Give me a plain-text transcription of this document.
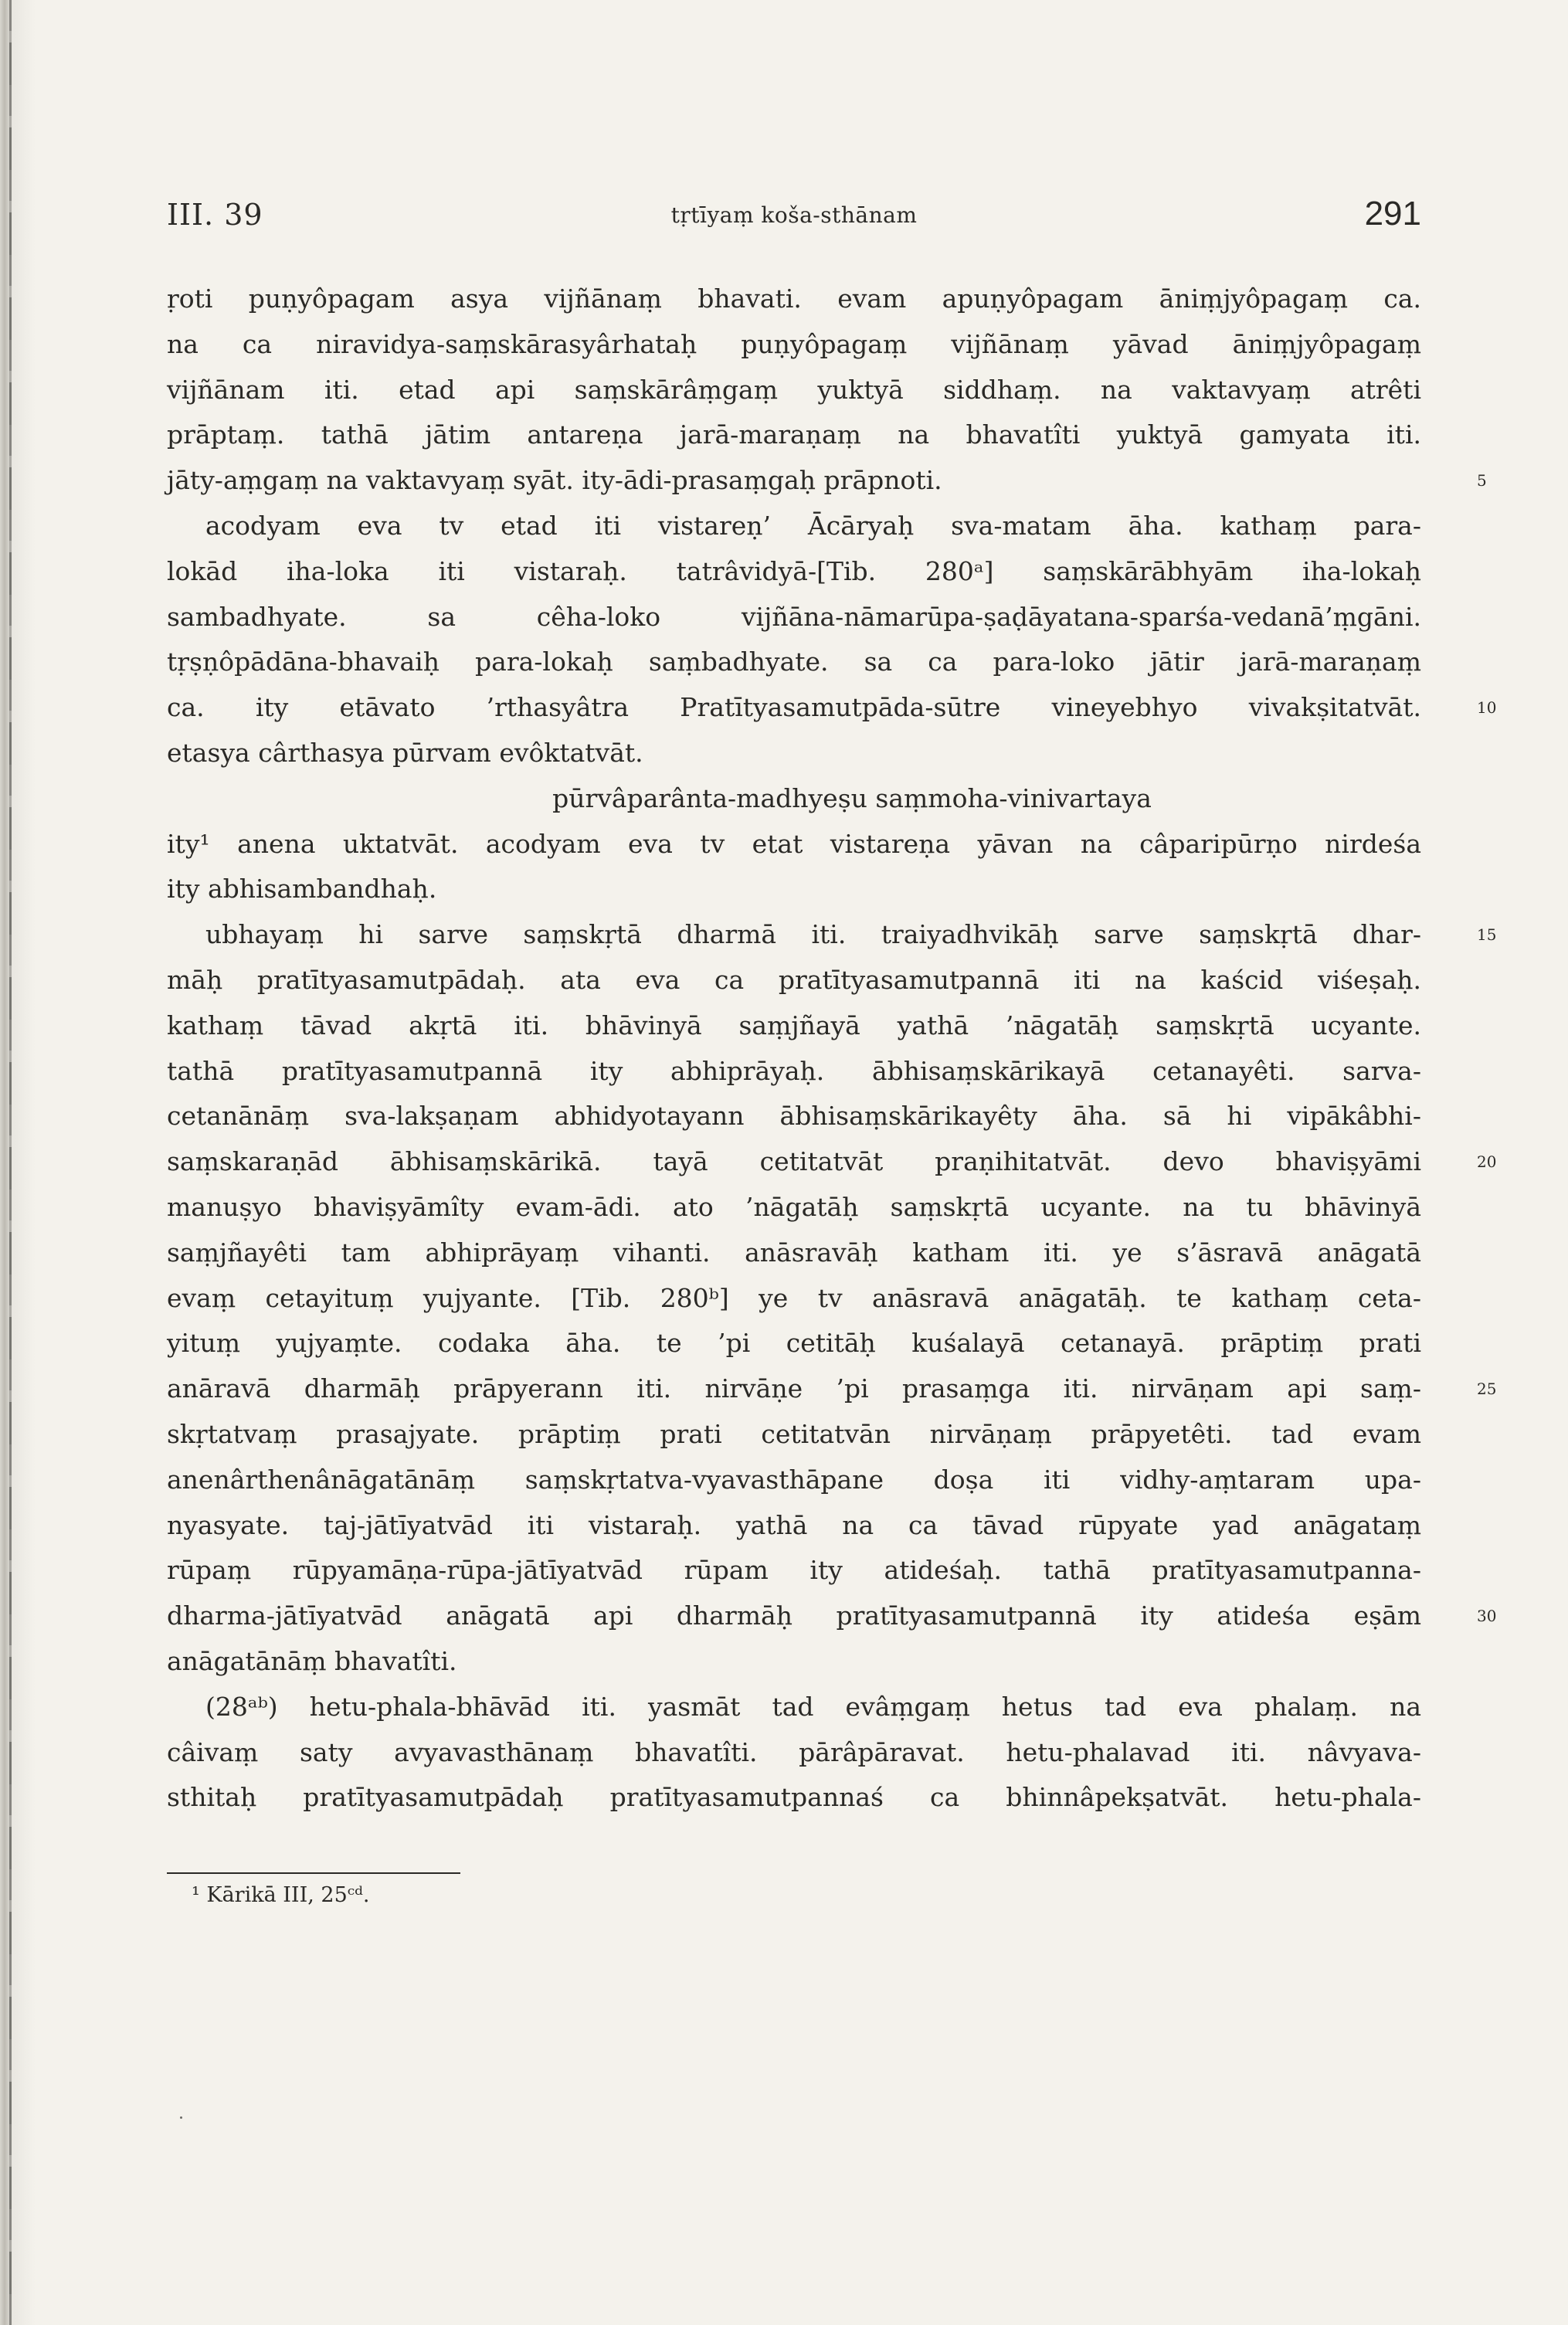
III. 39	tṛtīyaṃ koša-sthānam	291
ṛoti puṇyôpagam asya vijñānaṃ bhavati. evam apuṇyôpagam āniṃjyôpagaṃ ca.
na ca niravidya-saṃskārasyârhataḥ puṇyôpagaṃ vijñānaṃ yāvad āniṃjyôpagaṃ
vijñānam iti. etad api saṃskārâṃgaṃ yuktyā siddhaṃ. na vaktavyaṃ atrêti
prāptaṃ. tathā jātim antareṇa jarā-maraṇaṃ na bhavatîti yuktyā gamyata iti.
jāty-aṃgaṃ na vaktavyaṃ syāt. ity-ādi-prasaṃgaḥ prāpnoti.	5
acodyam eva tv etad iti vistareṇ’ Ācāryaḥ sva-matam āha. kathaṃ para-
lokād iha-loka iti vistaraḥ. tatrâvidyā-[Tib. 280ᵃ] saṃskārābhyām iha-lokaḥ
sambadhyate. sa cêha-loko vijñāna-nāmarūpa-ṣaḍāyatana-sparśa-vedanā’ṃgāni.
tṛṣṇôpādāna-bhavaiḥ para-lokaḥ saṃbadhyate. sa ca para-loko jātir jarā-maraṇaṃ
ca. ity etāvato ’rthasyâtra Pratītyasamutpāda-sūtre vineyebhyo vivakṣitatvāt.	10
etasya cârthasya pūrvam evôktatvāt.
pūrvâparânta-madhyeṣu saṃmoha-vinivartaya
ity¹ anena uktatvāt. acodyam eva tv etat vistareṇa yāvan na câparipūrṇo nirdeśa
ity abhisambandhaḥ.
ubhayaṃ hi sarve saṃskṛtā dharmā iti. traiyadhvikāḥ sarve saṃskṛtā dhar-	15
māḥ pratītyasamutpādaḥ. ata eva ca pratītyasamutpannā iti na kaścid viśeṣaḥ.
kathaṃ tāvad akṛtā iti. bhāvinyā saṃjñayā yathā ’nāgatāḥ saṃskṛtā ucyante.
tathā pratītyasamutpannā ity abhiprāyaḥ. ābhisaṃskārikayā cetanayêti. sarva-
cetanānāṃ sva-lakṣaṇam abhidyotayann ābhisaṃskārikayêty āha. sā hi vipākâbhi-
saṃskaraṇād ābhisaṃskārikā. tayā cetitatvāt praṇihitatvāt. devo bhaviṣyāmi	20
manuṣyo bhaviṣyāmîty evam-ādi. ato ’nāgatāḥ saṃskṛtā ucyante. na tu bhāvinyā
saṃjñayêti tam abhiprāyaṃ vihanti. anāsravāḥ katham iti. ye s’āsravā anāgatā
evaṃ cetayituṃ yujyante. [Tib. 280ᵇ] ye tv anāsravā anāgatāḥ. te kathaṃ ceta-
yituṃ yujyaṃte. codaka āha. te ’pi cetitāḥ kuśalayā cetanayā. prāptiṃ prati
anāravā dharmāḥ prāpyerann iti. nirvāṇe ’pi prasaṃga iti. nirvāṇam api saṃ-	25
skṛtatvaṃ prasajyate. prāptiṃ prati cetitatvān nirvāṇaṃ prāpyetêti. tad evam
anenârthenânāgatānāṃ saṃskṛtatva-vyavasthāpane doṣa iti vidhy-aṃtaram upa-
nyasyate. taj-jātīyatvād iti vistaraḥ. yathā na ca tāvad rūpyate yad anāgataṃ
rūpaṃ rūpyamāṇa-rūpa-jātīyatvād rūpam ity atideśaḥ. tathā pratītyasamutpanna-
dharma-jātīyatvād anāgatā api dharmāḥ pratītyasamutpannā ity atideśa eṣām	30
anāgatānāṃ bhavatîti.
(28ᵃᵇ) hetu-phala-bhāvād iti. yasmāt tad evâṃgaṃ hetus tad eva phalaṃ. na
câivaṃ saty avyavasthānaṃ bhavatîti. pārâpāravat. hetu-phalavad iti. nâvyava-
sthitaḥ pratītyasamutpādaḥ pratītyasamutpannaś ca bhinnâpekṣatvāt. hetu-phala-
¹ Kārikā III, 25ᶜᵈ.
